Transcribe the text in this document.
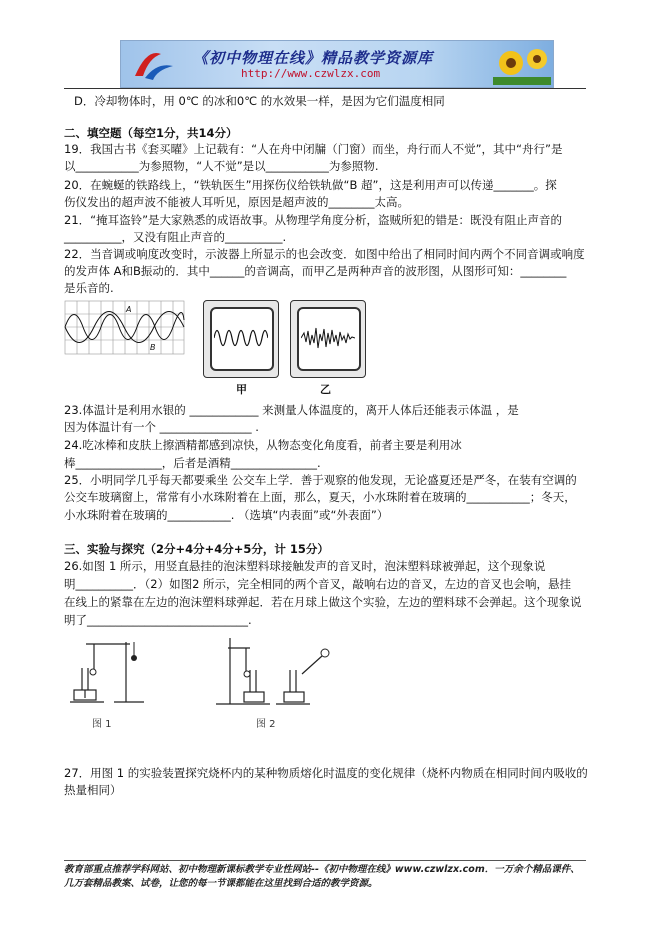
《初中物理在线》精品教学资源库
http://www.czwlzx.com
D．冷却物体时，用 0℃ 的冰和0℃ 的水效果一样，是因为它们温度相同
二、填空题（每空1分，共14分）
19．我国古书《套买曜》上记载有：“人在舟中闭牖（门窗）而坐，舟行而人不觉”，其中“舟行”是
以___________为参照物，“人不觉”是以___________为参照物.
20．在蜿蜒的铁路线上，“铁轨医生”用探伤仪给铁轨做“B 超”，这是利用声可以传递_______。探
伤仪发出的超声波不能被人耳听见，原因是超声波的________太高。
21．“掩耳盗铃”是大家熟悉的成语故事。从物理学角度分析，盗贼所犯的错是：既没有阻止声音的
__________，又没有阻止声音的__________.
22．当音调或响度改变时，示波器上所显示的也会改变．如图中给出了相同时间内两个不同音调或响度
的发声体 A和B振动的．其中______的音调高，而甲乙是两种声音的波形图，从图形可知：________
是乐音的.
A
B
甲	乙
23.体温计是利用水银的 ____________ 来测量人体温度的，离开人体后还能表示体温 ，是
因为体温计有一个 ________________ .
24.吃冰棒和皮肤上擦酒精都感到凉快，从物态变化角度看，前者主要是利用冰
棒_______________，后者是酒精_______________.
25．小明同学几乎每天都要乘坐 公交车上学．善于观察的他发现，无论盛夏还是严冬，在装有空调的
公交车玻璃窗上，常常有小水珠附着在上面，那么，夏天，小水珠附着在玻璃的___________；冬天，
小水珠附着在玻璃的___________. （选填“内表面”或“外表面”）
三、实验与探究（2分+4分+4分+5分，计 15分）
26.如图 1 所示，用竖直悬挂的泡沫塑料球接触发声的音叉时，泡沫塑料球被弹起，这个现象说
明__________．（2）如图2 所示，完全相同的两个音叉，敲响右边的音叉，左边的音叉也会响，悬挂
在线上的紧靠在左边的泡沫塑料球弹起．若在月球上做这个实验，左边的塑料球不会弹起。这个现象说
明了____________________________.
图 1	图 2
27．用图 1 的实验装置探究烧杯内的某种物质熔化时温度的变化规律（烧杯内物质在相同时间内吸收的
热量相同）
教育部重点推荐学科网站、初中物理新课标教学专业性网站--《初中物理在线》www.czwlzx.com．一万余个精品课件、
几万套精品教案、试卷，让您的每一节课都能在这里找到合适的教学资源。
